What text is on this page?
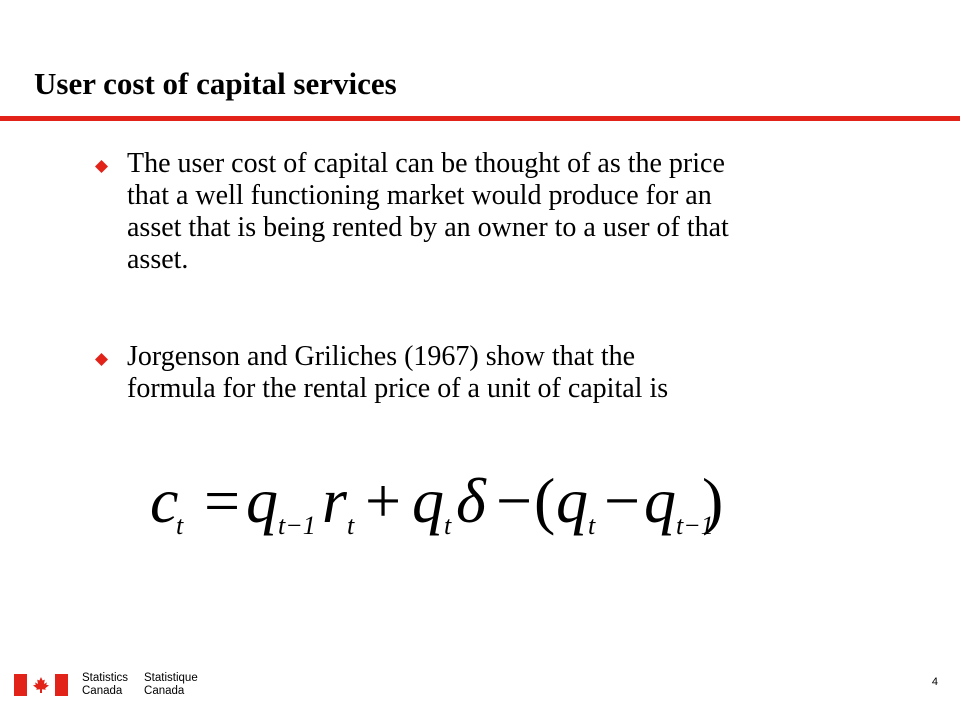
User cost of capital services
The user cost of capital can be thought of as the price
that a well functioning market would produce for an
asset that is being rented by an owner to a user of that
asset.
Jorgenson and Griliches (1967) show that the
formula for the rental price of a unit of capital is
c
t = q t−1 r t + q t δ − ( q t − q t−1
)
Statistics
Canada
Statistique
Canada
4
